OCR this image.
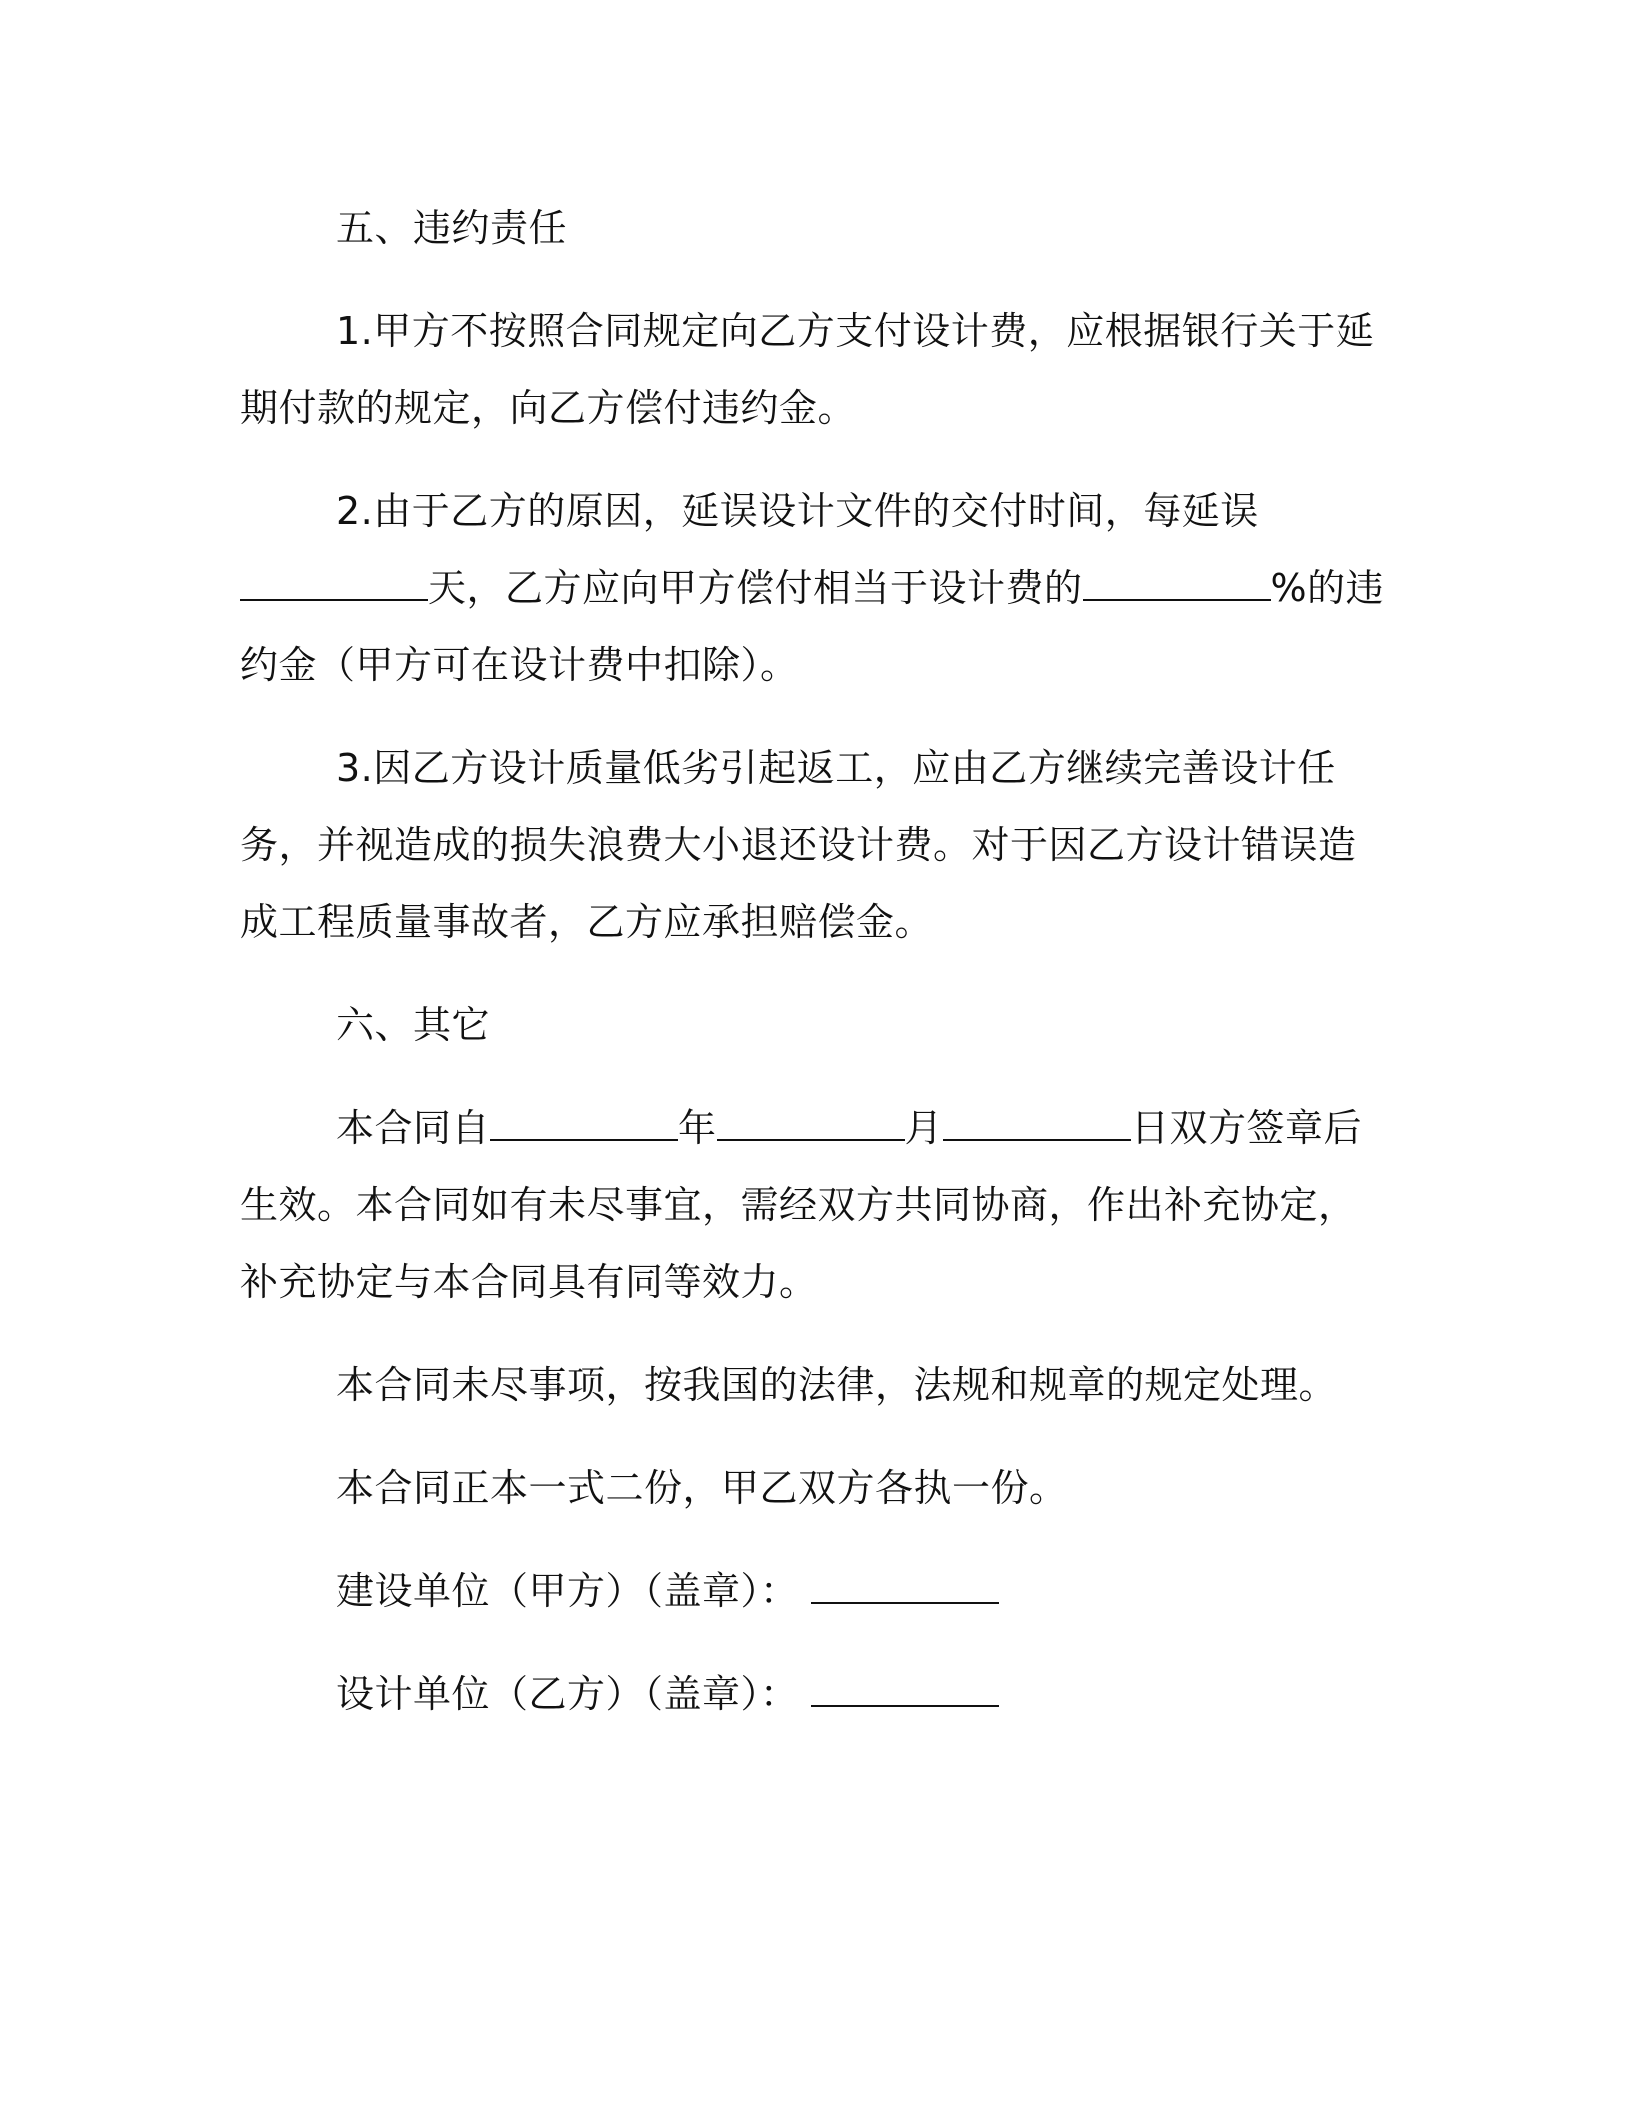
五、违约责任

1.甲方不按照合同规定向乙方支付设计费，应根据银行关于延期付款的规定，向乙方偿付违约金。

2.由于乙方的原因，延误设计文件的交付时间，每延误天，乙方应向甲方偿付相当于设计费的	%的违约金（甲方可在设计费中扣除）。

3.因乙方设计质量低劣引起返工，应由乙方继续完善设计任务，并视造成的损失浪费大小退还设计费。对于因乙方设计错误造成工程质量事故者，乙方应承担赔偿金。

六、其它

本合同自	年	月	日双方签章后生效。本合同如有未尽事宜，需经双方共同协商，作出补充协定，补充协定与本合同具有同等效力。

本合同未尽事项，按我国的法律，法规和规章的规定处理。

本合同正本一式二份，甲乙双方各执一份。

建设单位（甲方）（盖章）：

设计单位（乙方）（盖章）：
